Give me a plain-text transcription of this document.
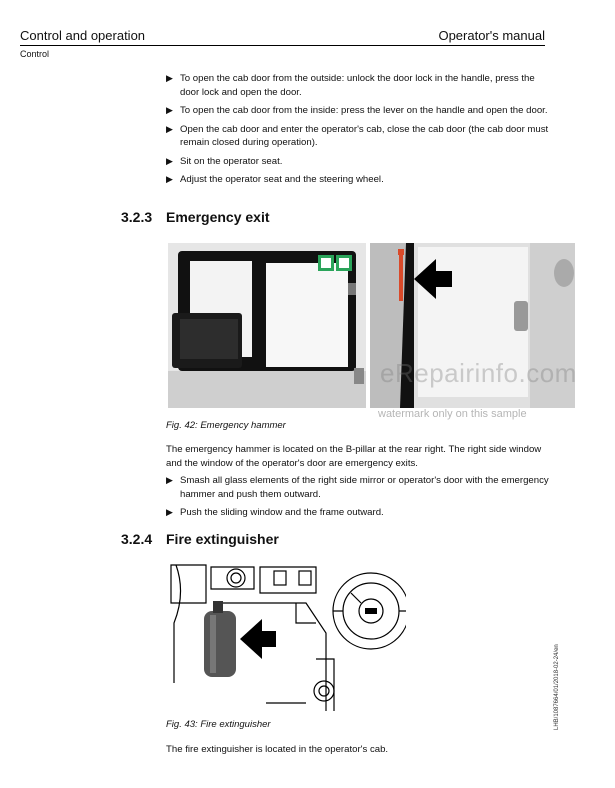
Control and operation	Operator's manual
Control
▶ To open the cab door from the outside: unlock the door lock in the handle, press the door lock and open the door.
▶ To open the cab door from the inside: press the lever on the handle and open the door.
▶ Open the cab door and enter the operator's cab, close the cab door (the cab door must remain closed during operation).
▶ Sit on the operator seat.
▶ Adjust the operator seat and the steering wheel.
3.2.3 Emergency exit
eRepairinfo.com
watermark only on this sample
Fig. 42: Emergency hammer
The emergency hammer is located on the B-pillar at the rear right. The right side window and the window of the operator's door are emergency exits.
▶ Smash all glass elements of the right side mirror or operator's door with the emergency hammer and push them outward.
▶ Push the sliding window and the frame outward.
3.2.4 Fire extinguisher
Fig. 43: Fire extinguisher
The fire extinguisher is located in the operator's cab.
LHB/1087664/01/2018-02-24/en
